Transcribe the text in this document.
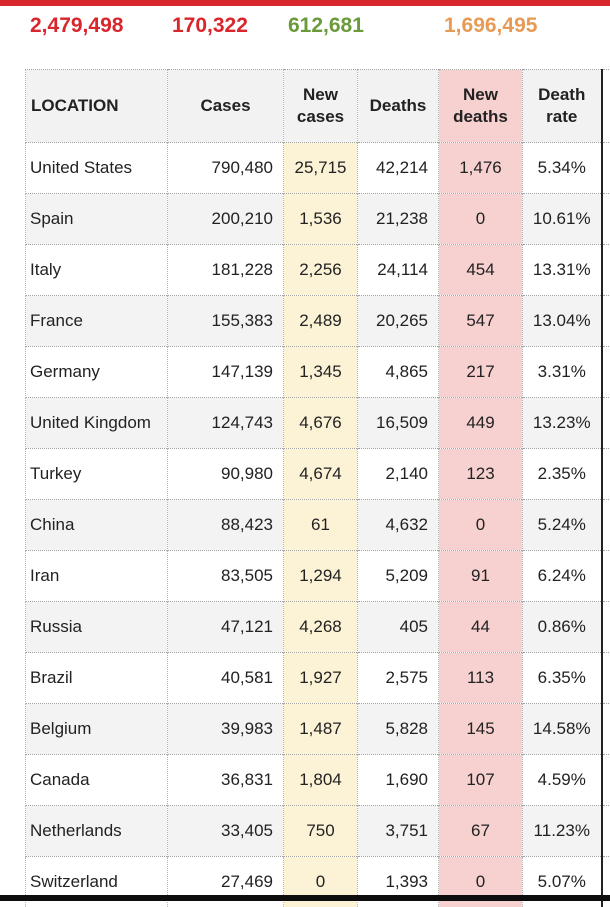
2,479,498 170,322 612,681	1,696,495
LOCATION	Cases	New cases	Deaths	New deaths	Death rate	
United States	790,480	25,715	42,214	1,476	5.34%	
Spain	200,210	1,536	21,238	0	10.61%	
Italy	181,228	2,256	24,114	454	13.31%	
France	155,383	2,489	20,265	547	13.04%	
Germany	147,139	1,345	4,865	217	3.31%	
United Kingdom	124,743	4,676	16,509	449	13.23%	
Turkey	90,980	4,674	2,140	123	2.35%	
China	88,423	61	4,632	0	5.24%	
Iran	83,505	1,294	5,209	91	6.24%	
Russia	47,121	4,268	405	44	0.86%	
Brazil	40,581	1,927	2,575	113	6.35%	
Belgium	39,983	1,487	5,828	145	14.58%	
Canada	36,831	1,804	1,690	107	4.59%	
Netherlands	33,405	750	3,751	67	11.23%	
Switzerland	27,469	0	1,393	0	5.07%	
